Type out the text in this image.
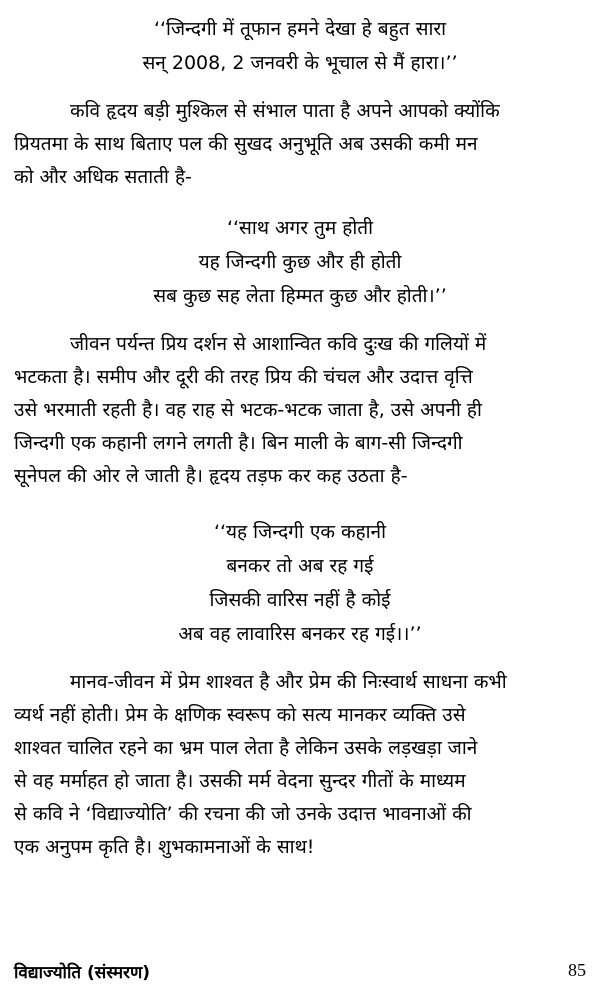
‘‘जिन्दगी में तूफान हमने देखा हे बहुत सारा
सन् 2008, 2 जनवरी के भूचाल से मैं हारा।’’
कवि हृदय बड़ी मुश्किल से संभाल पाता है अपने आपको क्योंकि
प्रियतमा के साथ बिताए पल की सुखद अनुभूति अब उसकी कमी मन
को और अधिक सताती है-
‘‘साथ अगर तुम होती
यह जिन्दगी कुछ और ही होती
सब कुछ सह लेता हिम्मत कुछ और होती।’’
जीवन पर्यन्त प्रिय दर्शन से आशान्वित कवि दुःख की गलियों में
भटकता है। समीप और दूरी की तरह प्रिय की चंचल और उदात्त वृत्ति
उसे भरमाती रहती है। वह राह से भटक-भटक जाता है, उसे अपनी ही
जिन्दगी एक कहानी लगने लगती है। बिन माली के बाग-सी जिन्दगी
सूनेपल की ओर ले जाती है। हृदय तड़फ कर कह उठता है-
‘‘यह जिन्दगी एक कहानी
बनकर तो अब रह गई
जिसकी वारिस नहीं है कोई
अब वह लावारिस बनकर रह गई।।’’
मानव-जीवन में प्रेम शाश्वत है और प्रेम की निःस्वार्थ साधना कभी
व्यर्थ नहीं होती। प्रेम के क्षणिक स्वरूप को सत्य मानकर व्यक्ति उसे
शाश्वत चालित रहने का भ्रम पाल लेता है लेकिन उसके लड़खड़ा जाने
से वह मर्माहत हो जाता है। उसकी मर्म वेदना सुन्दर गीतों के माध्यम
से कवि ने ‘विद्याज्योति’ की रचना की जो उनके उदात्त भावनाओं की
एक अनुपम कृति है। शुभकामनाओं के साथ!
विद्याज्योति (संस्मरण)	85
